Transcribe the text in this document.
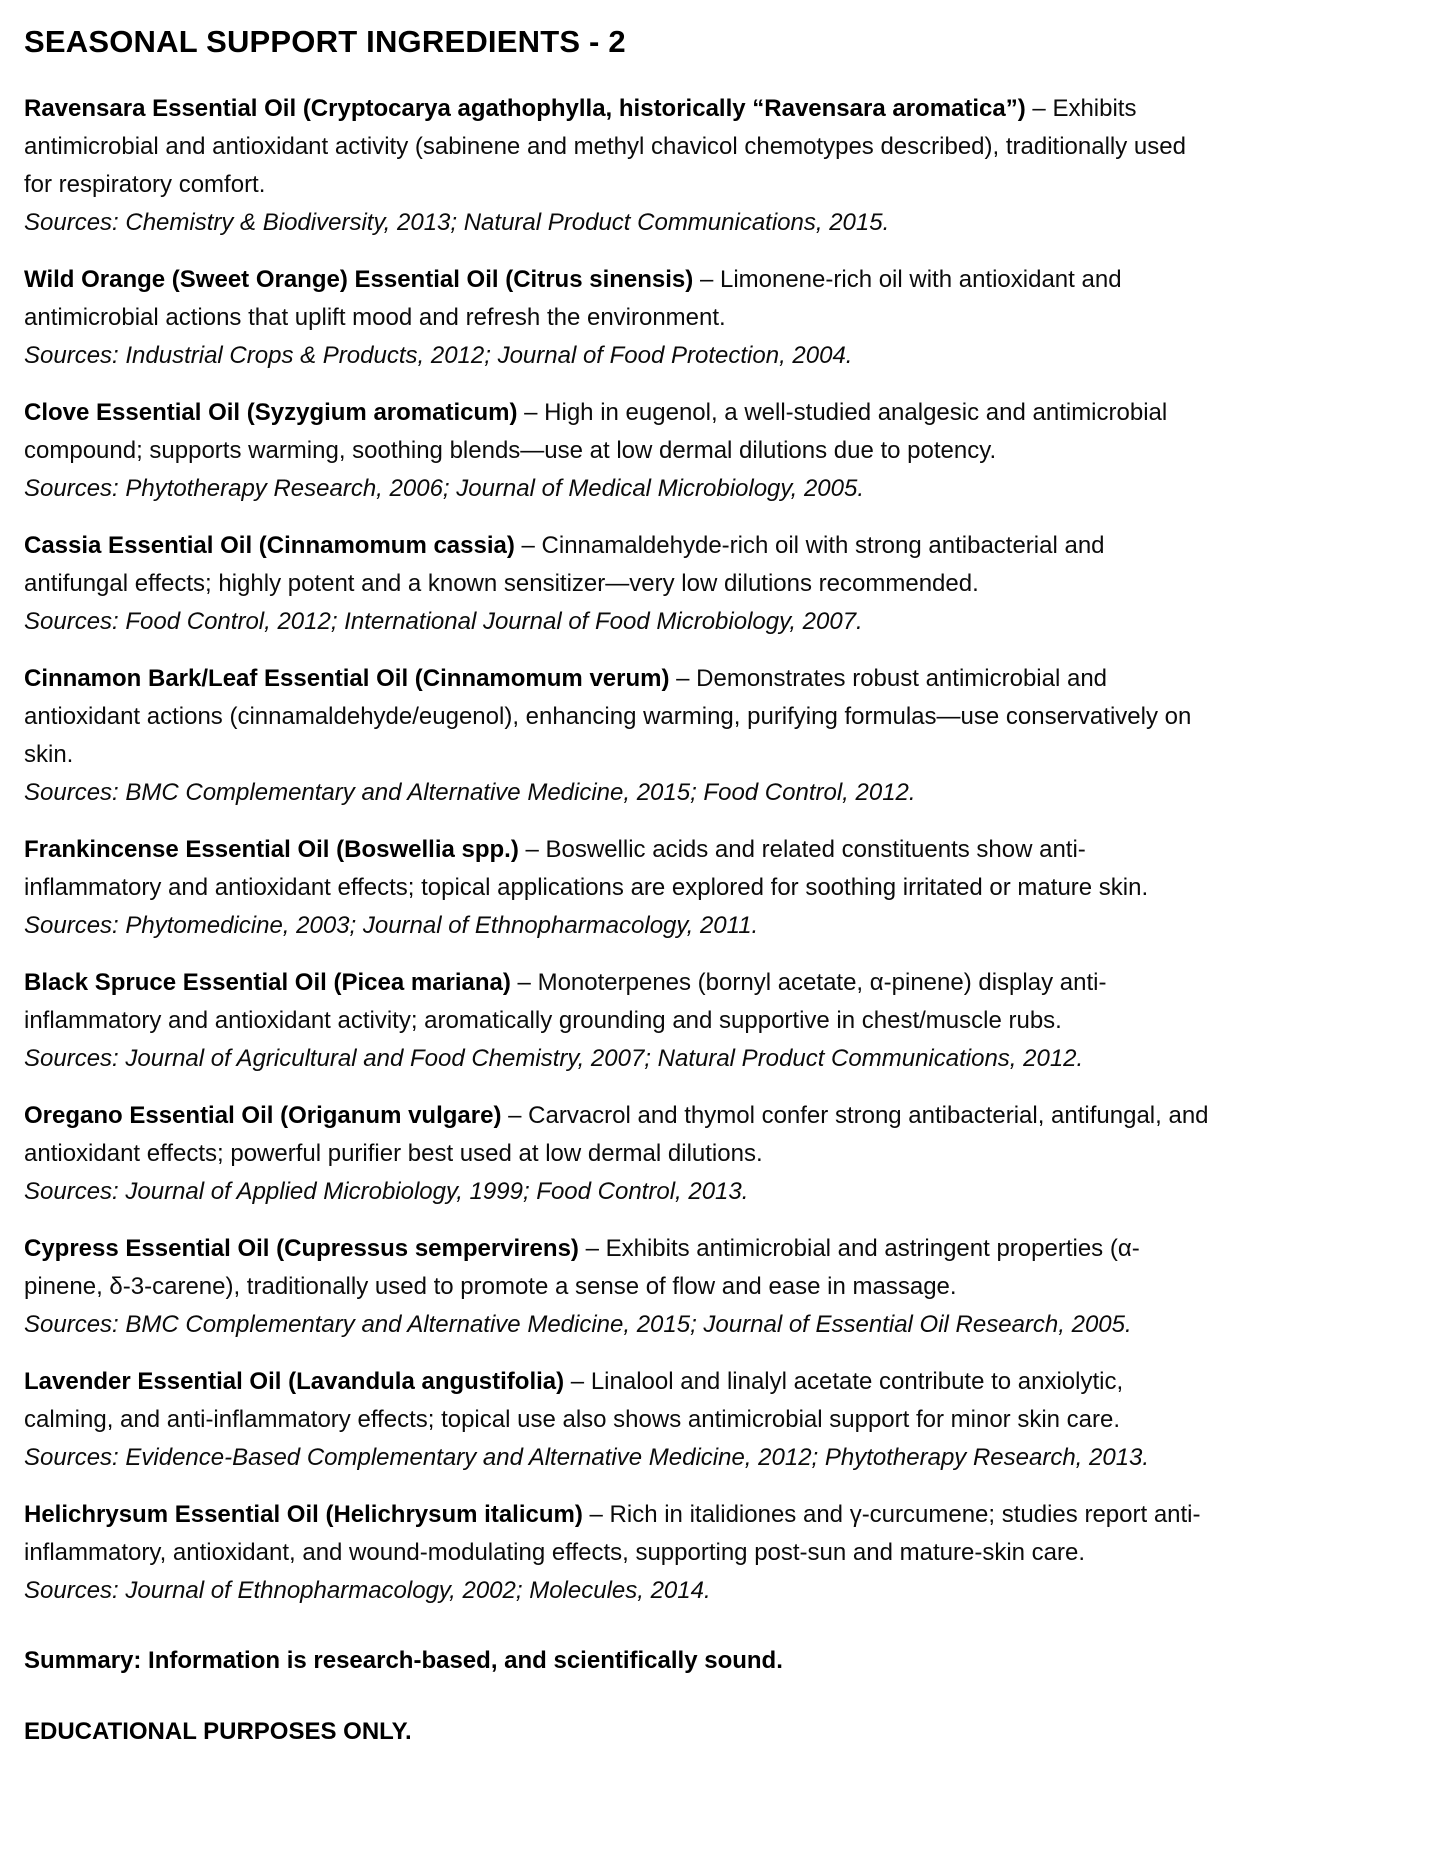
SEASONAL SUPPORT INGREDIENTS - 2

Ravensara Essential Oil (Cryptocarya agathophylla, historically “Ravensara aromatica”) – Exhibits antimicrobial and antioxidant activity (sabinene and methyl chavicol chemotypes described), traditionally used for respiratory comfort.

Sources: Chemistry & Biodiversity, 2013; Natural Product Communications, 2015.

Wild Orange (Sweet Orange) Essential Oil (Citrus sinensis) – Limonene-rich oil with antioxidant and antimicrobial actions that uplift mood and refresh the environment.

Sources: Industrial Crops & Products, 2012; Journal of Food Protection, 2004.

Clove Essential Oil (Syzygium aromaticum) – High in eugenol, a well-studied analgesic and antimicrobial compound; supports warming, soothing blends—use at low dermal dilutions due to potency.

Sources: Phytotherapy Research, 2006; Journal of Medical Microbiology, 2005.

Cassia Essential Oil (Cinnamomum cassia) – Cinnamaldehyde-rich oil with strong antibacterial and antifungal effects; highly potent and a known sensitizer—very low dilutions recommended.

Sources: Food Control, 2012; International Journal of Food Microbiology, 2007.

Cinnamon Bark/Leaf Essential Oil (Cinnamomum verum) – Demonstrates robust antimicrobial and antioxidant actions (cinnamaldehyde/eugenol), enhancing warming, purifying formulas—use conservatively on skin.

Sources: BMC Complementary and Alternative Medicine, 2015; Food Control, 2012.

Frankincense Essential Oil (Boswellia spp.) – Boswellic acids and related constituents show anti-inflammatory and antioxidant effects; topical applications are explored for soothing irritated or mature skin.

Sources: Phytomedicine, 2003; Journal of Ethnopharmacology, 2011.

Black Spruce Essential Oil (Picea mariana) – Monoterpenes (bornyl acetate, α-pinene) display anti-inflammatory and antioxidant activity; aromatically grounding and supportive in chest/muscle rubs.

Sources: Journal of Agricultural and Food Chemistry, 2007; Natural Product Communications, 2012.

Oregano Essential Oil (Origanum vulgare) – Carvacrol and thymol confer strong antibacterial, antifungal, and antioxidant effects; powerful purifier best used at low dermal dilutions.

Sources: Journal of Applied Microbiology, 1999; Food Control, 2013.

Cypress Essential Oil (Cupressus sempervirens) – Exhibits antimicrobial and astringent properties (α-pinene, δ-3-carene), traditionally used to promote a sense of flow and ease in massage.

Sources: BMC Complementary and Alternative Medicine, 2015; Journal of Essential Oil Research, 2005.

Lavender Essential Oil (Lavandula angustifolia) – Linalool and linalyl acetate contribute to anxiolytic, calming, and anti-inflammatory effects; topical use also shows antimicrobial support for minor skin care.

Sources: Evidence-Based Complementary and Alternative Medicine, 2012; Phytotherapy Research, 2013.

Helichrysum Essential Oil (Helichrysum italicum) – Rich in italidiones and γ-curcumene; studies report anti-inflammatory, antioxidant, and wound-modulating effects, supporting post-sun and mature-skin care.

Sources: Journal of Ethnopharmacology, 2002; Molecules, 2014.

Summary: Information is research-based, and scientifically sound.

EDUCATIONAL PURPOSES ONLY.
